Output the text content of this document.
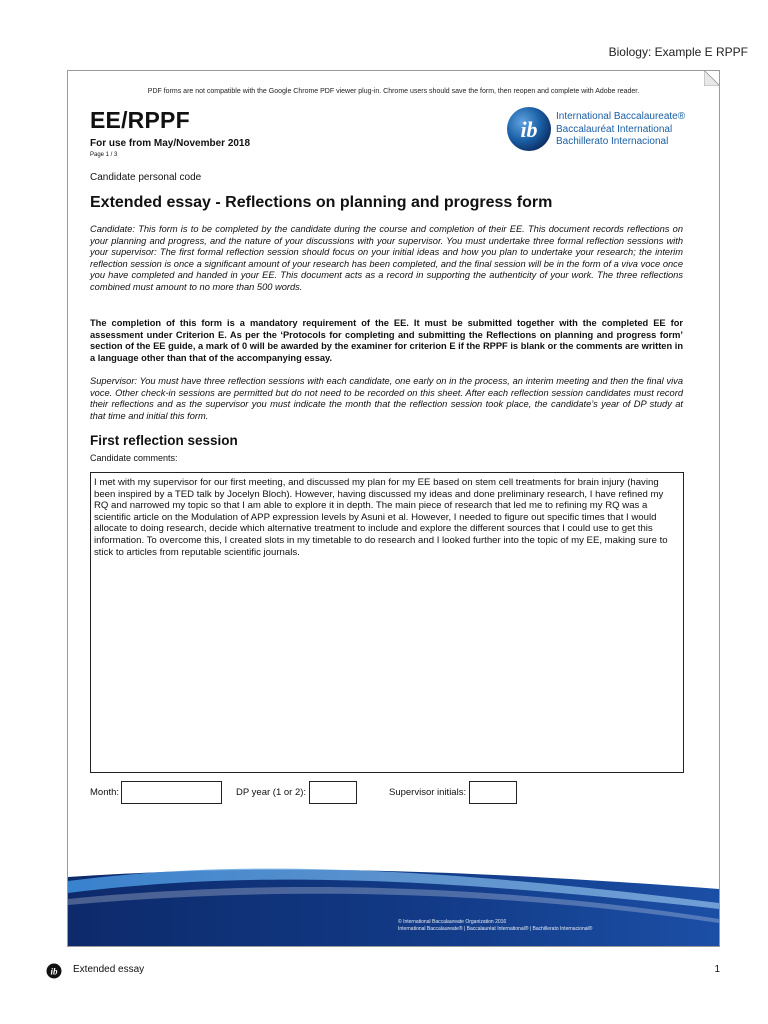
Biology: Example E RPPF
PDF forms are not compatible with the Google Chrome PDF viewer plug-in. Chrome users should save the form, then reopen and complete with Adobe reader.
EE/RPPF
For use from May/November 2018
Page 1 / 3
ib
International Baccalaureate®
Baccalauréat International
Bachillerato Internacional
Candidate personal code
Extended essay - Reflections on planning and progress form
Candidate: This form is to be completed by the candidate during the course and completion of their EE. This document records reflections on your planning and progress, and the nature of your discussions with your supervisor. You must undertake three formal reflection sessions with your supervisor: The first formal reflection session should focus on your initial ideas and how you plan to undertake your research; the interim reflection session is once a significant amount of your research has been completed, and the final session will be in the form of a viva voce once you have completed and handed in your EE. This document acts as a record in supporting the authenticity of your work. The three reflections combined must amount to no more than 500 words.
The completion of this form is a mandatory requirement of the EE. It must be submitted together with the completed EE for assessment under Criterion E. As per the ‘Protocols for completing and submitting the Reflections on planning and progress form’ section of the EE guide, a mark of 0 will be awarded by the examiner for criterion E if the RPPF is blank or the comments are written in a language other than that of the accompanying essay.
Supervisor: You must have three reflection sessions with each candidate, one early on in the process, an interim meeting and then the final viva voce. Other check-in sessions are permitted but do not need to be recorded on this sheet. After each reflection session candidates must record their reflections and as the supervisor you must indicate the month that the reflection session took place, the candidate’s year of DP study at that time and initial this form.
First reflection session
Candidate comments:
I met with my supervisor for our first meeting, and discussed my plan for my EE based on stem cell treatments for brain injury (having been inspired by a TED talk by Jocelyn Bloch). However, having discussed my ideas and done preliminary research, I have refined my RQ and narrowed my topic so that I am able to explore it in depth. The main piece of research that led me to refining my RQ was a scientific article on the Modulation of APP expression levels by Asuni et al. However, I needed to figure out specific times that I would allocate to doing research, decide which alternative treatment to include and explore the different sources that I could use to get this information. To overcome this, I created slots in my timetable to do research and I looked further into the topic of my EE, making sure to stick to articles from reputable scientific journals.
Month:	DP year (1 or 2):	Supervisor initials:
© International Baccalaureate Organization 2016
International Baccalaureate® | Baccalauréat International® | Bachillerato Internacional®
ib Extended essay	1
